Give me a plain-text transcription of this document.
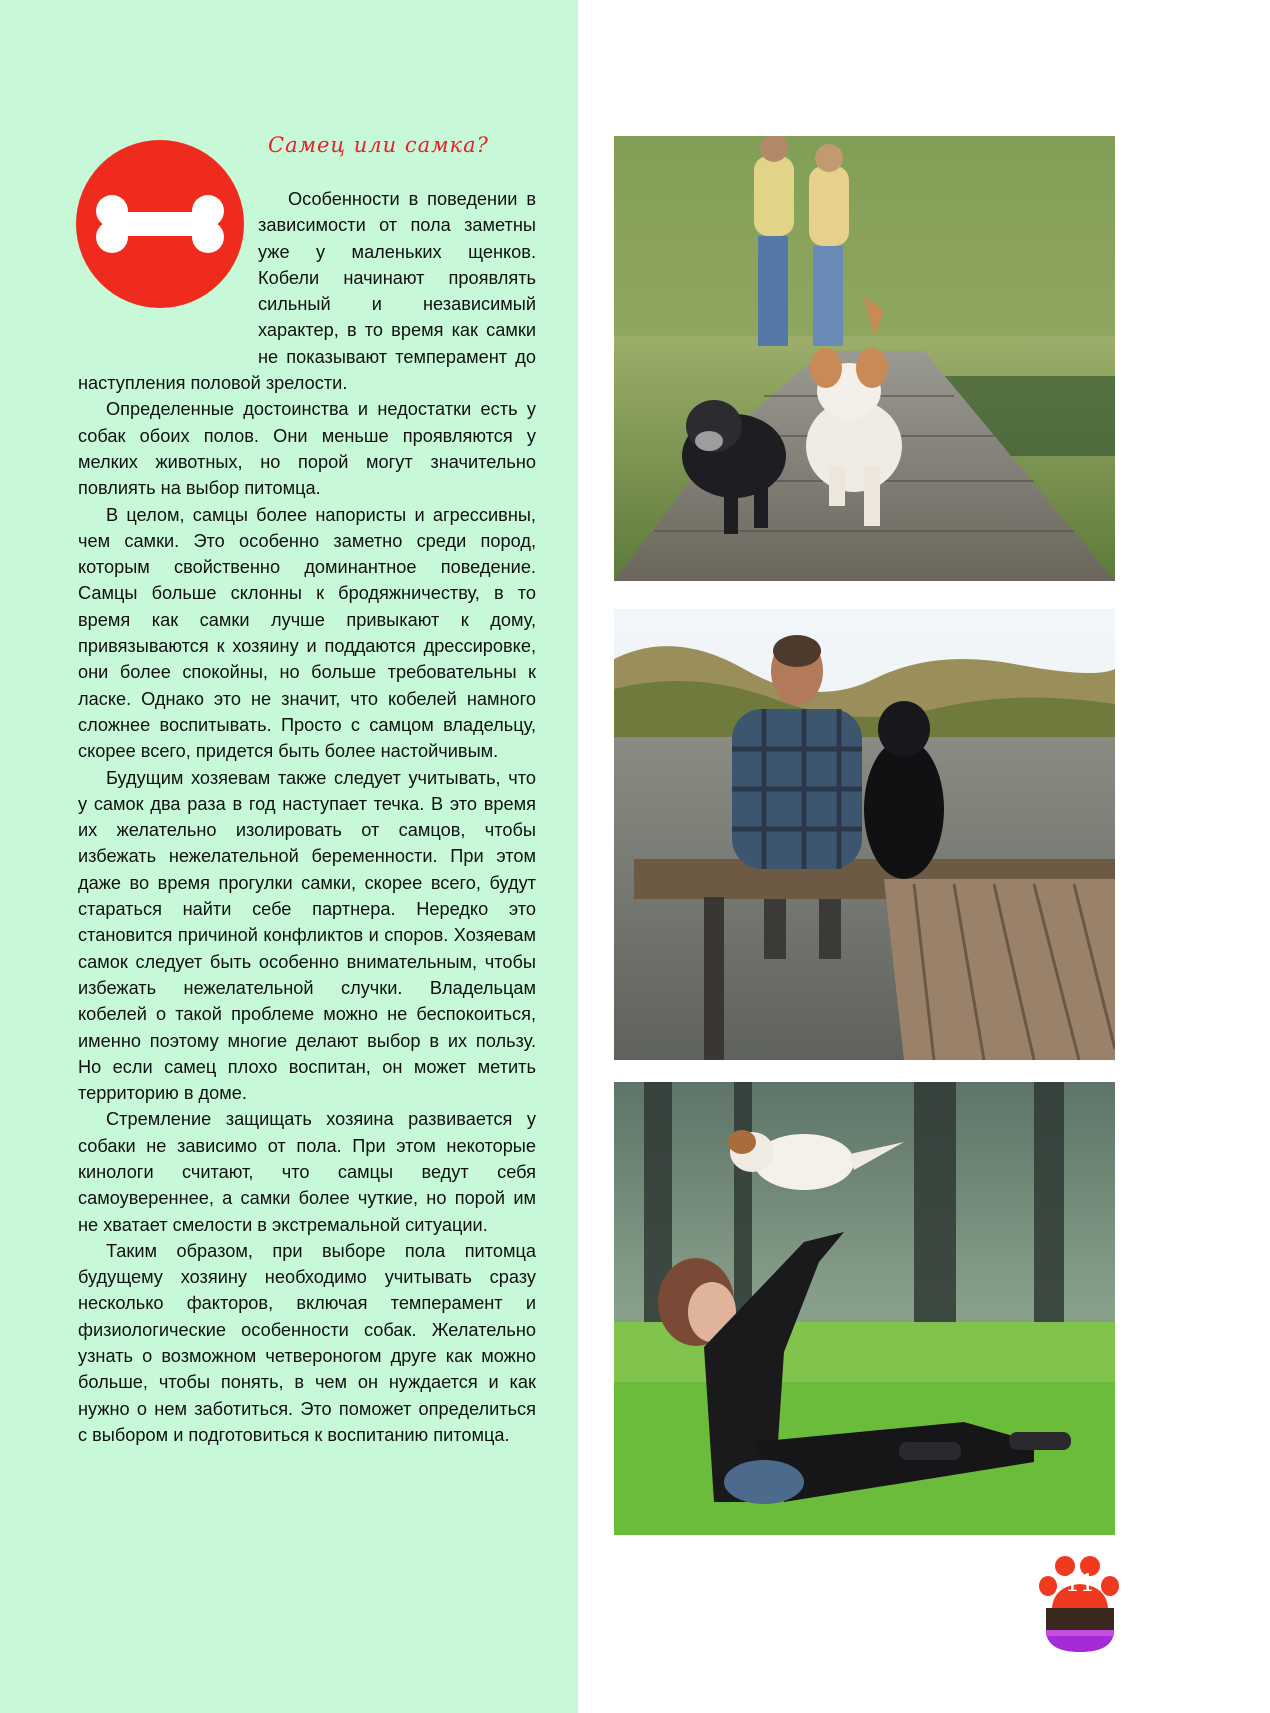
Самец или самка?

Особенности в поведении в зависимости от пола заметны уже у маленьких щенков. Кобели начинают проявлять сильный и независимый характер, в то время как самки не показывают темперамент до наступления половой зрелости.

Определенные достоинства и недостатки есть у собак обоих полов. Они меньше проявляются у мелких животных, но порой могут значительно повлиять на выбор питомца.

В целом, самцы более напористы и агрессивны, чем самки. Это особенно заметно среди пород, которым свойственно доминантное поведение. Самцы больше склонны к бродяжничеству, в то время как самки лучше привыкают к дому, привязываются к хозяину и поддаются дрессировке, они более спокойны, но больше требовательны к ласке. Однако это не значит, что кобелей намного сложнее воспитывать. Просто с самцом владельцу, скорее всего, придется быть более настойчивым.

Будущим хозяевам также следует учитывать, что у самок два раза в год наступает течка. В это время их желательно изолировать от самцов, чтобы избежать нежелательной беременности. При этом даже во время прогулки самки, скорее всего, будут стараться найти себе партнера. Нередко это становится причиной конфликтов и споров. Хозяевам самок следует быть особенно внимательным, чтобы избежать нежелательной случки. Владельцам кобелей о такой проблеме можно не беспокоиться, именно поэтому многие делают выбор в их пользу. Но если самец плохо воспитан, он может метить территорию в доме.

Стремление защищать хозяина развивается у собаки не зависимо от пола. При этом некоторые кинологи считают, что самцы ведут себя самоувереннее, а самки более чуткие, но порой им не хватает смелости в экстремальной ситуации.

Таким образом, при выборе пола питомца будущему хозяину необходимо учитывать сразу несколько факторов, включая темперамент и физиологические особенности собак. Желательно узнать о возможном четвероногом друге как можно больше, чтобы понять, в чем он нуждается и как нужно о нем заботиться. Это поможет определиться с выбором и подготовиться к воспитанию питомца.

11
